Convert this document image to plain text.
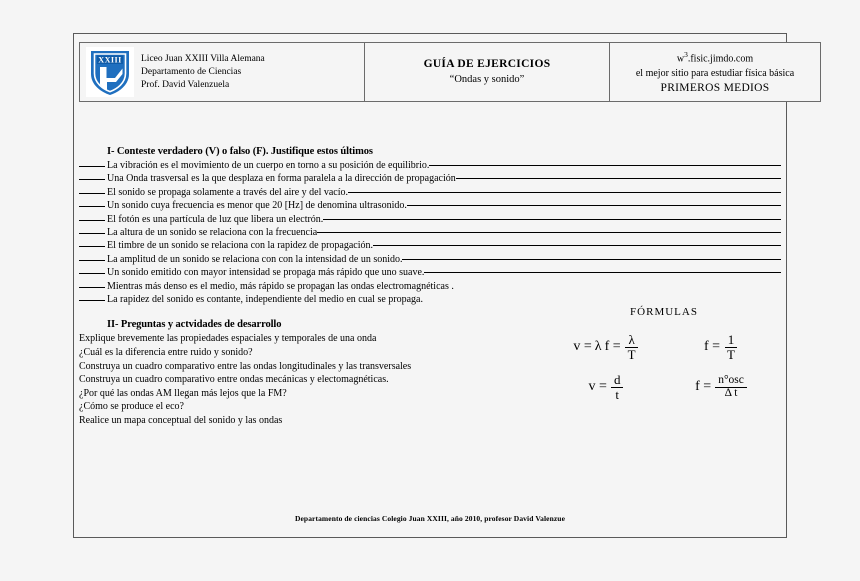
XXIII Liceo Juan XXIII Villa Alemana
Departamento de Ciencias
Prof. David Valenzuela

GUÍA DE EJERCICIOS
“Ondas y sonido”

$w^3.fisic.jimdo.com$
el mejor sitio para estudiar física básica
PRIMEROS MEDIOS
I- Conteste verdadero (V) o falso (F). Justifique estos últimos
La vibración es el movimiento de un cuerpo en torno a su posición de equilibrio.
Una Onda trasversal es la que desplaza en forma paralela a la dirección de propagación
El sonido se propaga solamente a través del aire y del vacío.
Un sonido cuya frecuencia es menor que 20 [Hz] de denomina ultrasonido.
El fotón es una partícula de luz que libera un electrón.
La altura de un sonido se relaciona con la frecuencia
El timbre de un sonido se relaciona con la rapidez de propagación.
La amplitud de un sonido se relaciona con con la intensidad de un sonido.
Un sonido emitido con mayor intensidad se propaga más rápido que uno suave.
Mientras más denso es el medio, más rápido se propagan las ondas electromagnéticas .
La rapidez del sonido es contante, independiente del medio en cual se propaga.
II- Preguntas y actvidades de desarrollo
Explique brevemente las propiedades espaciales y temporales de una onda
¿Cuál es la diferencia entre ruido y sonido?
Construya un cuadro comparativo entre las ondas longitudinales y las transversales
Construya un cuadro comparativo entre ondas mecánicas y electomagnéticas.
¿Por qué las ondas AM llegan más lejos que la FM?
¿Cómo se produce el eco?
Realice un mapa conceptual del sonido y las ondas
FÓRMULAS
v = λ $f = \frac{\lambda}{T}$	$f = \frac{1}{T}$
$v = \frac{d}{t}$	$f = \frac{\text{n°osc}}{\text{Δ t}}$
Departamento de ciencias Colegio Juan XXIII, año 2010, profesor David Valenzue
